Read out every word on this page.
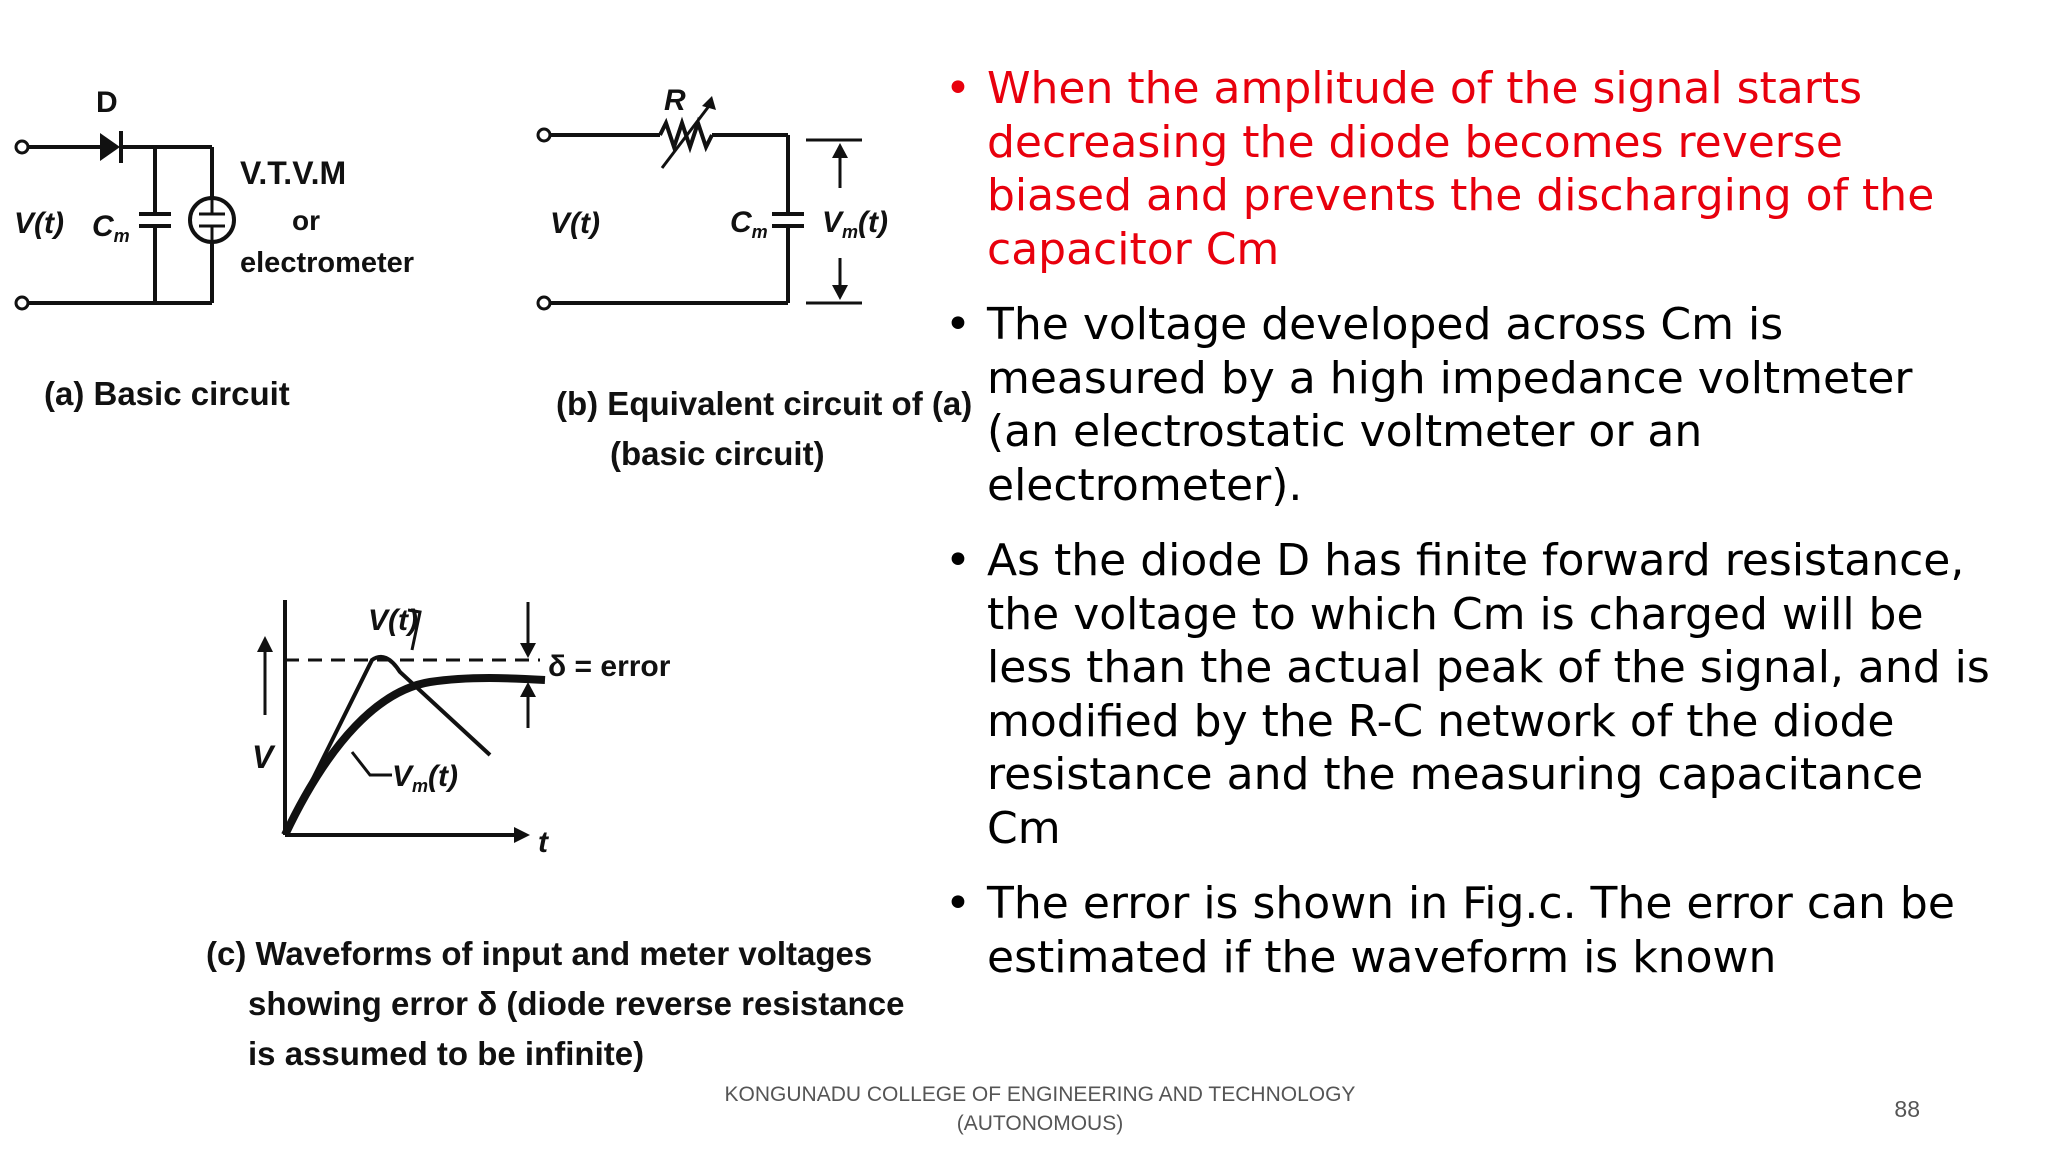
D
V(t) $C_m$
V.T.V.M
or
electrometer
(a) Basic circuit
R
V(t)	$C_m$ $V_m(t)$
(b) Equivalent circuit of (a)
(basic circuit)
V(t)
δ = error
V
$V_m(t)$
t
(c) Waveforms of input and meter voltages
showing error δ (diode reverse resistance
is assumed to be infinite)
• When the amplitude of the signal starts
decreasing the diode becomes reverse
biased and prevents the discharging of the
capacitor Cm
• The voltage developed across Cm is
measured by a high impedance voltmeter
(an electrostatic voltmeter or an
electrometer).
• As the diode D has finite forward resistance,
the voltage to which Cm is charged will be
less than the actual peak of the signal, and is
modified by the R-C network of the diode
resistance and the measuring capacitance
Cm
• The error is shown in Fig.c. The error can be
estimated if the waveform is known
KONGUNADU COLLEGE OF ENGINEERING AND TECHNOLOGY
(AUTONOMOUS)
88
